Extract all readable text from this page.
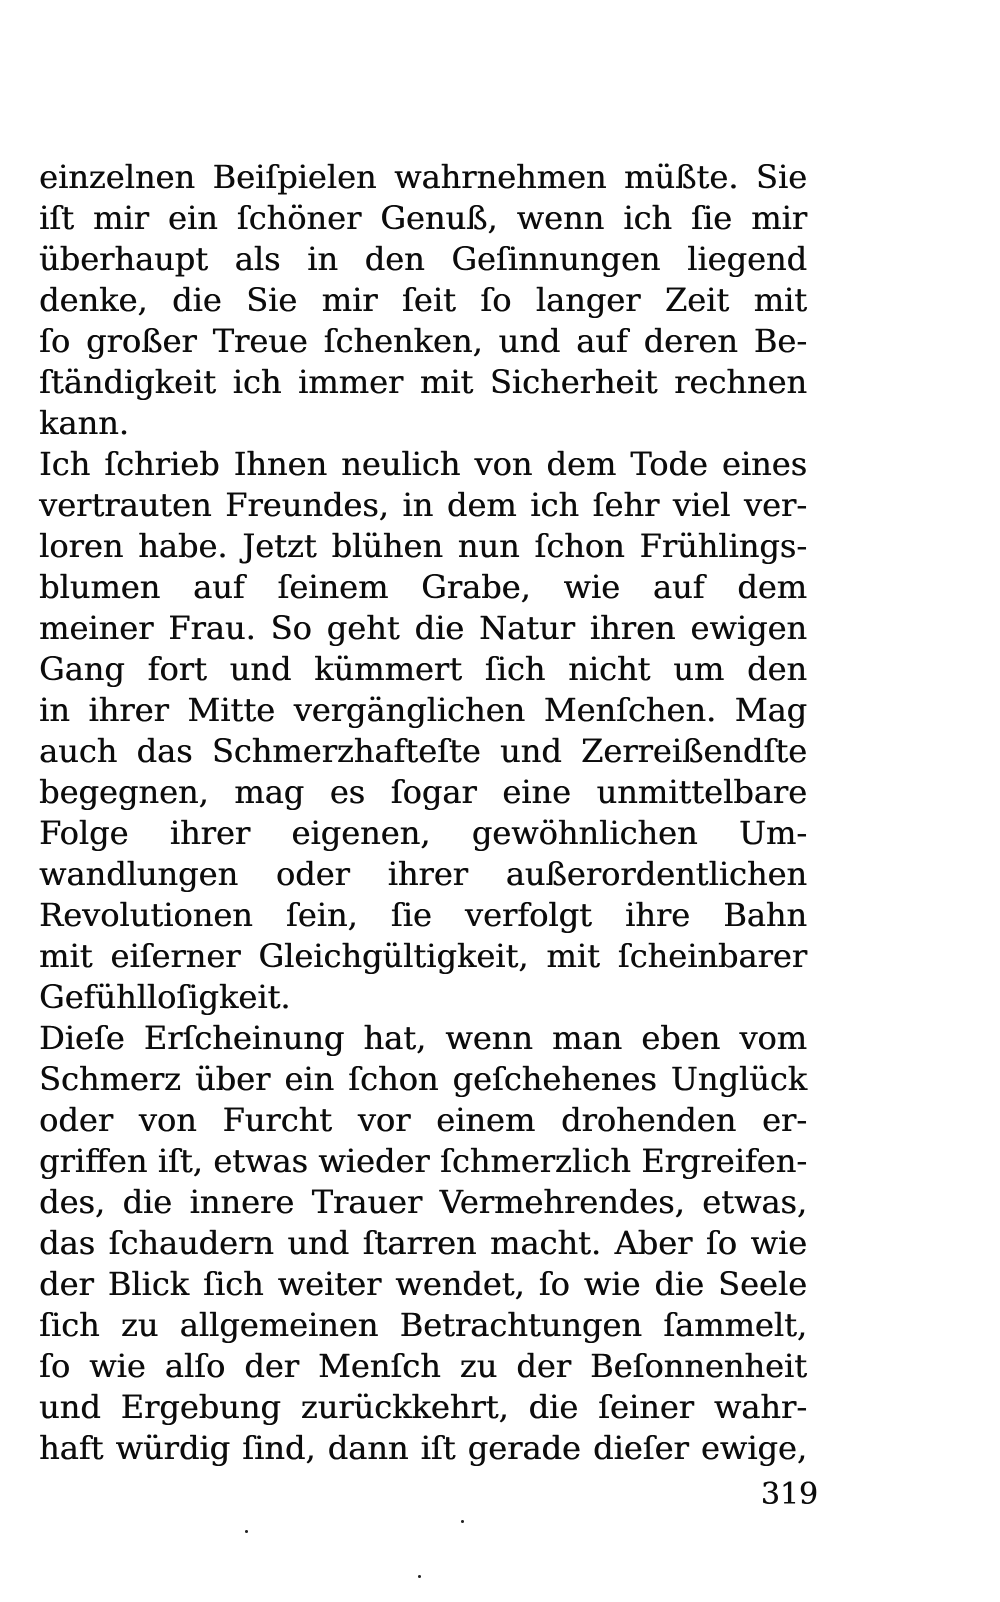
einzelnen Beiſpielen wahrnehmen müßte. Sie
iſt mir ein ſchöner Genuß, wenn ich ſie mir
überhaupt als in den Geſinnungen liegend
denke, die Sie mir ſeit ſo langer Zeit mit
ſo großer Treue ſchenken, und auf deren Be-
ſtändigkeit ich immer mit Sicherheit rechnen
kann.
Ich ſchrieb Ihnen neulich von dem Tode eines
vertrauten Freundes, in dem ich ſehr viel ver-
loren habe. Jetzt blühen nun ſchon Frühlings-
blumen auf ſeinem Grabe, wie auf dem
meiner Frau. So geht die Natur ihren ewigen
Gang fort und kümmert ſich nicht um den
in ihrer Mitte vergänglichen Menſchen. Mag
auch das Schmerzhafteſte und Zerreißendſte
begegnen, mag es ſogar eine unmittelbare
Folge ihrer eigenen, gewöhnlichen Um-
wandlungen oder ihrer außerordentlichen
Revolutionen ſein, ſie verfolgt ihre Bahn
mit eiſerner Gleichgültigkeit, mit ſcheinbarer
Gefühlloſigkeit.
Dieſe Erſcheinung hat, wenn man eben vom
Schmerz über ein ſchon geſchehenes Unglück
oder von Furcht vor einem drohenden er-
griffen iſt, etwas wieder ſchmerzlich Ergreifen-
des, die innere Trauer Vermehrendes, etwas,
das ſchaudern und ſtarren macht. Aber ſo wie
der Blick ſich weiter wendet, ſo wie die Seele
ſich zu allgemeinen Betrachtungen ſammelt,
ſo wie alſo der Menſch zu der Beſonnenheit
und Ergebung zurückkehrt, die ſeiner wahr-
haft würdig ſind, dann iſt gerade dieſer ewige,
319
